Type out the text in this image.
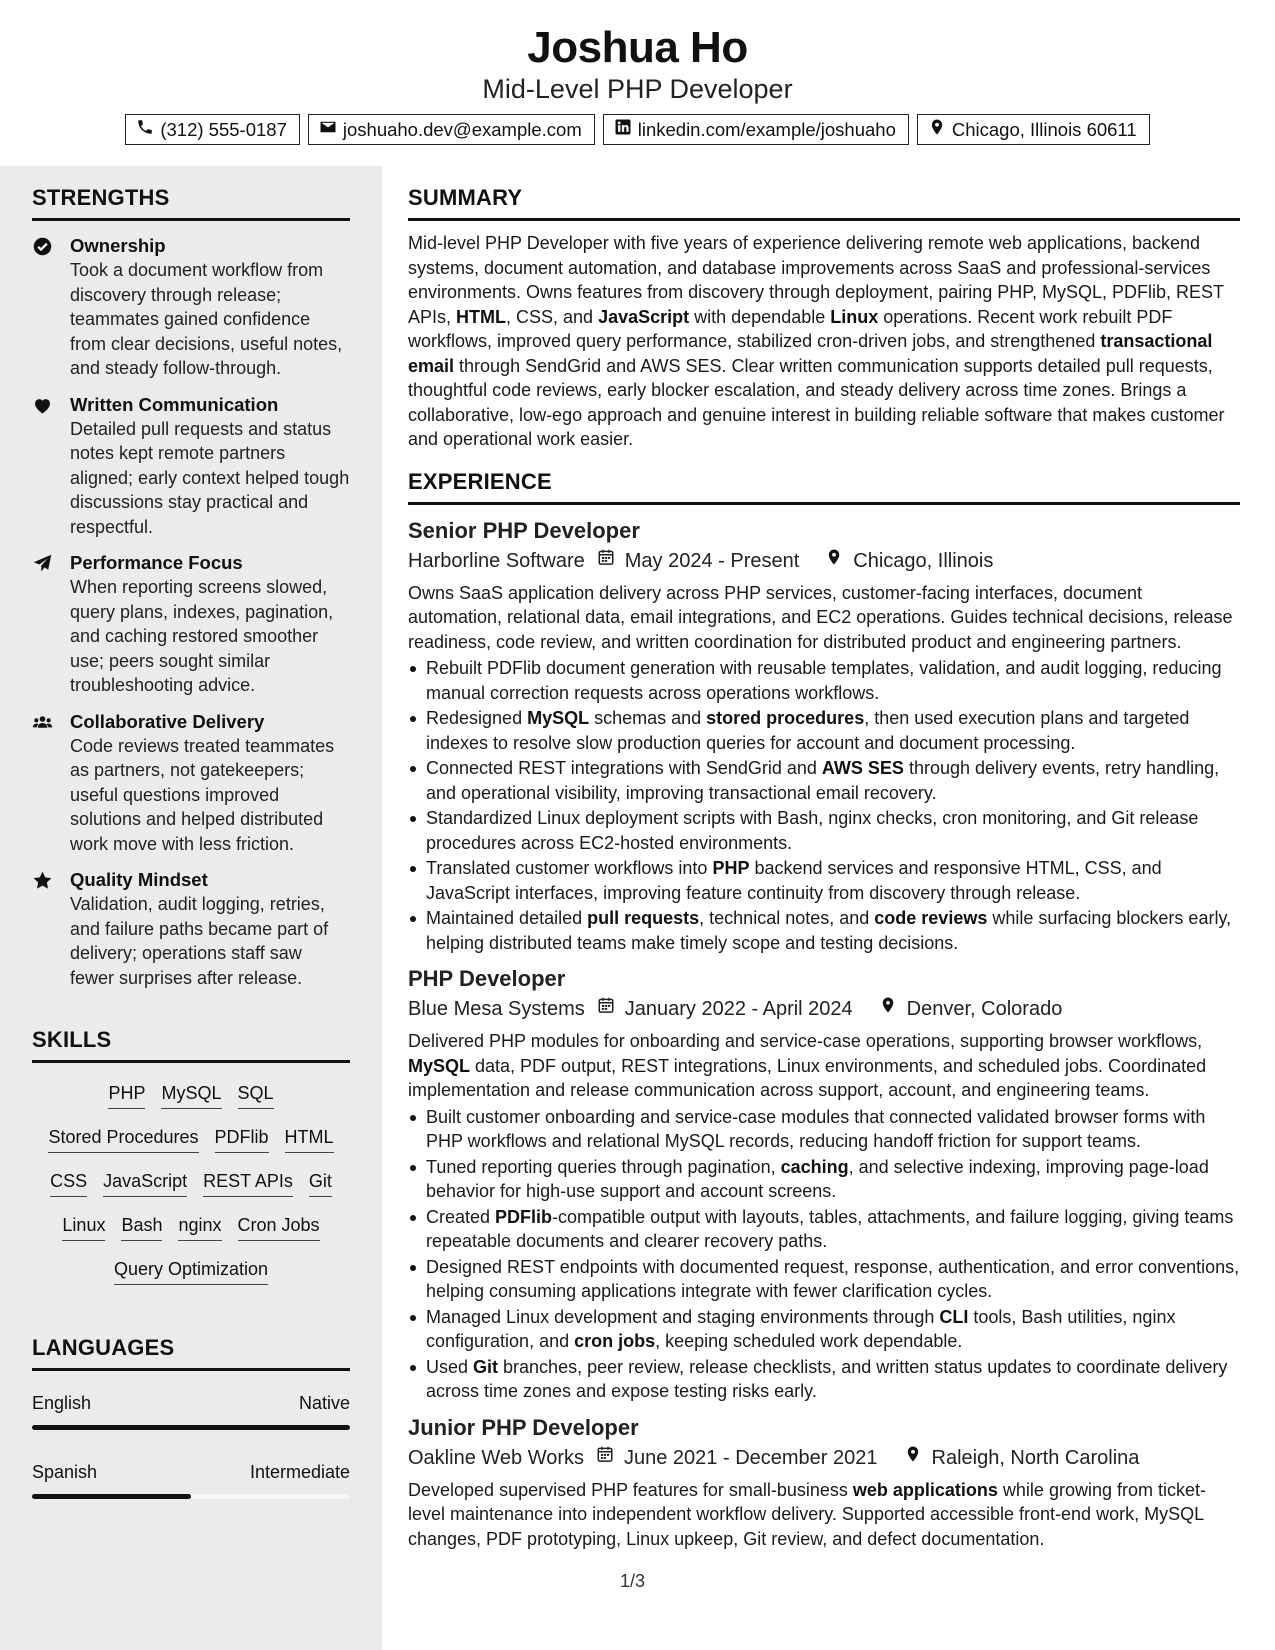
Joshua Ho
Mid-Level PHP Developer
(312) 555-0187	joshuaho.dev@example.com	linkedin.com/example/joshuaho	Chicago, Illinois 60611
STRENGTHS
Ownership
Took a document workflow from discovery through release; teammates gained confidence from clear decisions, useful notes, and steady follow-through.
Written Communication
Detailed pull requests and status notes kept remote partners aligned; early context helped tough discussions stay practical and respectful.
Performance Focus
When reporting screens slowed, query plans, indexes, pagination, and caching restored smoother use; peers sought similar troubleshooting advice.
Collaborative Delivery
Code reviews treated teammates as partners, not gatekeepers; useful questions improved solutions and helped distributed work move with less friction.
Quality Mindset
Validation, audit logging, retries, and failure paths became part of delivery; operations staff saw fewer surprises after release.
SKILLS
PHP MySQL SQL
Stored Procedures PDFlib HTML
CSS JavaScript REST APIs Git
Linux Bash nginx Cron Jobs
Query Optimization
LANGUAGES
English	Native
Spanish	Intermediate
SUMMARY
Mid-level PHP Developer with five years of experience delivering remote web applications, backend systems, document automation, and database improvements across SaaS and professional-services environments. Owns features from discovery through deployment, pairing PHP, MySQL, PDFlib, REST APIs, HTML, CSS, and JavaScript with dependable Linux operations. Recent work rebuilt PDF workflows, improved query performance, stabilized cron-driven jobs, and strengthened transactional email through SendGrid and AWS SES. Clear written communication supports detailed pull requests, thoughtful code reviews, early blocker escalation, and steady delivery across time zones. Brings a collaborative, low-ego approach and genuine interest in building reliable software that makes customer and operational work easier.
EXPERIENCE
Senior PHP Developer
Harborline Software May 2024 - Present	Chicago, Illinois
Owns SaaS application delivery across PHP services, customer-facing interfaces, document automation, relational data, email integrations, and EC2 operations. Guides technical decisions, release readiness, code review, and written coordination for distributed product and engineering partners.
Rebuilt PDFlib document generation with reusable templates, validation, and audit logging, reducing manual correction requests across operations workflows.
Redesigned MySQL schemas and stored procedures, then used execution plans and targeted indexes to resolve slow production queries for account and document processing.
Connected REST integrations with SendGrid and AWS SES through delivery events, retry handling, and operational visibility, improving transactional email recovery.
Standardized Linux deployment scripts with Bash, nginx checks, cron monitoring, and Git release procedures across EC2-hosted environments.
Translated customer workflows into PHP backend services and responsive HTML, CSS, and JavaScript interfaces, improving feature continuity from discovery through release.
Maintained detailed pull requests, technical notes, and code reviews while surfacing blockers early, helping distributed teams make timely scope and testing decisions.
PHP Developer
Blue Mesa Systems January 2022 - April 2024	Denver, Colorado
Delivered PHP modules for onboarding and service-case operations, supporting browser workflows, MySQL data, PDF output, REST integrations, Linux environments, and scheduled jobs. Coordinated implementation and release communication across support, account, and engineering teams.
Built customer onboarding and service-case modules that connected validated browser forms with PHP workflows and relational MySQL records, reducing handoff friction for support teams.
Tuned reporting queries through pagination, caching, and selective indexing, improving page-load behavior for high-use support and account screens.
Created PDFlib-compatible output with layouts, tables, attachments, and failure logging, giving teams repeatable documents and clearer recovery paths.
Designed REST endpoints with documented request, response, authentication, and error conventions, helping consuming applications integrate with fewer clarification cycles.
Managed Linux development and staging environments through CLI tools, Bash utilities, nginx configuration, and cron jobs, keeping scheduled work dependable.
Used Git branches, peer review, release checklists, and written status updates to coordinate delivery across time zones and expose testing risks early.
Junior PHP Developer
Oakline Web Works June 2021 - December 2021	Raleigh, North Carolina
Developed supervised PHP features for small-business web applications while growing from ticket-level maintenance into independent workflow delivery. Supported accessible front-end work, MySQL changes, PDF prototyping, Linux upkeep, Git review, and defect documentation.
1/3
